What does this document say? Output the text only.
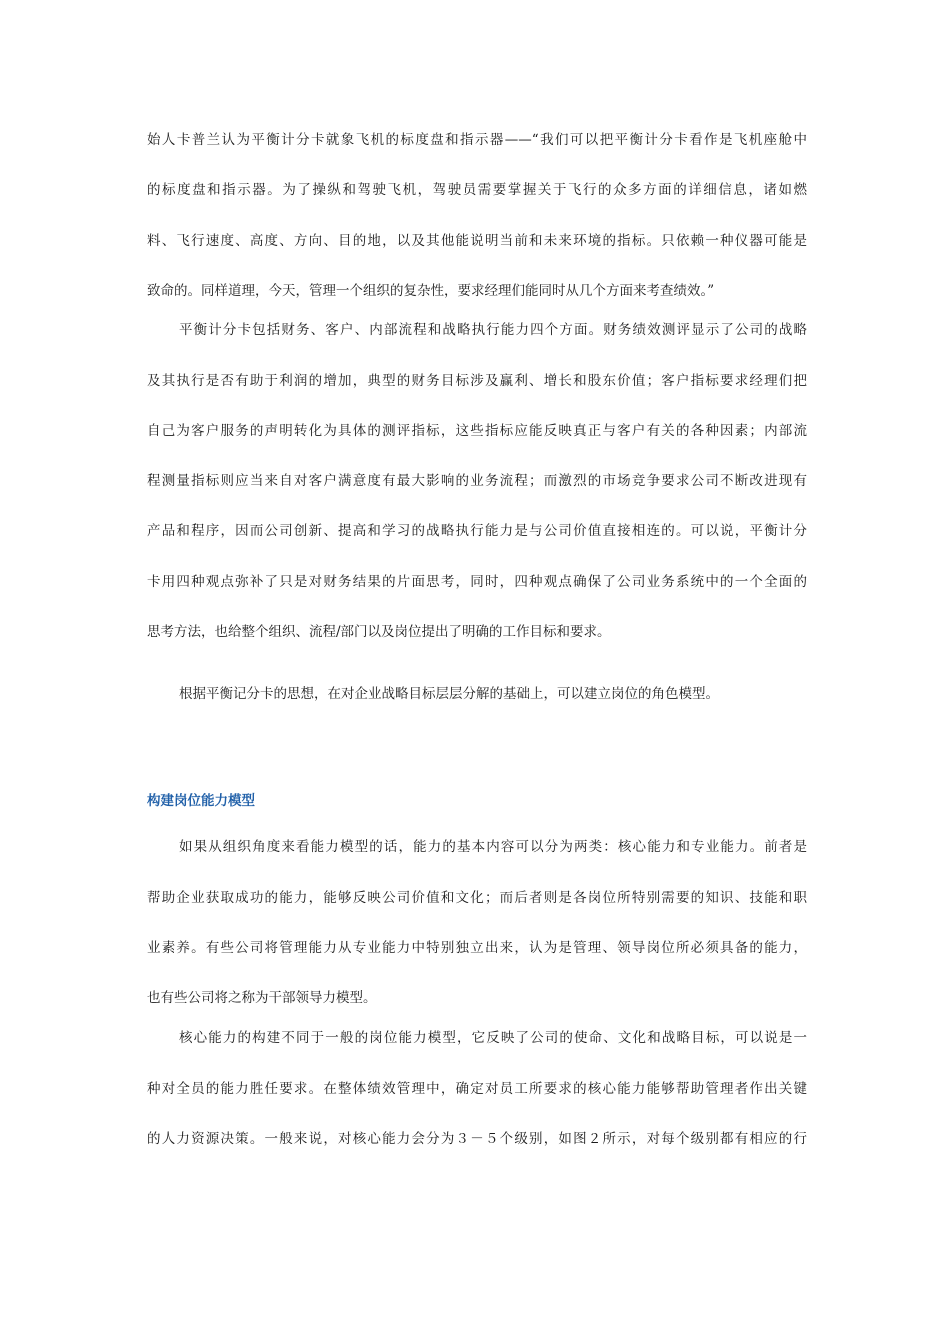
始人卡普兰认为平衡计分卡就象飞机的标度盘和指示器——“我们可以把平衡计分卡看作是飞机座舱中
的标度盘和指示器。为了操纵和驾驶飞机，驾驶员需要掌握关于飞行的众多方面的详细信息，诸如燃
料、飞行速度、高度、方向、目的地，以及其他能说明当前和未来环境的指标。只依赖一种仪器可能是
致命的。同样道理，今天，管理一个组织的复杂性，要求经理们能同时从几个方面来考查绩效。”
平衡计分卡包括财务、客户、内部流程和战略执行能力四个方面。财务绩效测评显示了公司的战略
及其执行是否有助于利润的增加，典型的财务目标涉及赢利、增长和股东价值；客户指标要求经理们把
自己为客户服务的声明转化为具体的测评指标，这些指标应能反映真正与客户有关的各种因素；内部流
程测量指标则应当来自对客户满意度有最大影响的业务流程；而激烈的市场竞争要求公司不断改进现有
产品和程序，因而公司创新、提高和学习的战略执行能力是与公司价值直接相连的。可以说，平衡计分
卡用四种观点弥补了只是对财务结果的片面思考，同时，四种观点确保了公司业务系统中的一个全面的
思考方法，也给整个组织、流程/部门以及岗位提出了明确的工作目标和要求。
根据平衡记分卡的思想，在对企业战略目标层层分解的基础上，可以建立岗位的角色模型。
构建岗位能力模型
如果从组织角度来看能力模型的话，能力的基本内容可以分为两类：核心能力和专业能力。前者是
帮助企业获取成功的能力，能够反映公司价值和文化；而后者则是各岗位所特别需要的知识、技能和职
业素养。有些公司将管理能力从专业能力中特别独立出来，认为是管理、领导岗位所必须具备的能力，
也有些公司将之称为干部领导力模型。
核心能力的构建不同于一般的岗位能力模型，它反映了公司的使命、文化和战略目标，可以说是一
种对全员的能力胜任要求。在整体绩效管理中，确定对员工所要求的核心能力能够帮助管理者作出关键
的人力资源决策。一般来说，对核心能力会分为３－５个级别，如图２所示，对每个级别都有相应的行
